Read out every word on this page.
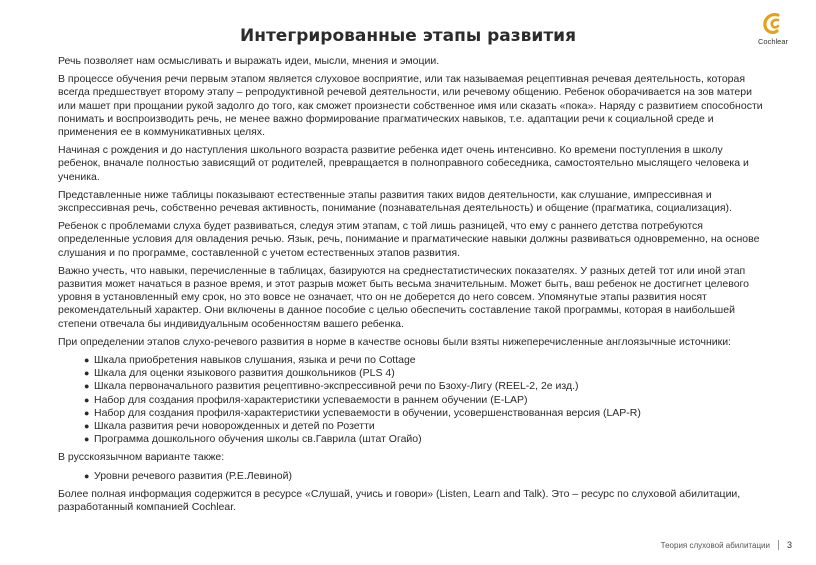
Интегрированные этапы развития	Cochlear

Речь позволяет нам осмысливать и выражать идеи, мысли, мнения и эмоции.

В процессе обучения речи первым этапом является слуховое восприятие, или так называемая рецептивная речевая деятельность, которая всегда предшествует второму этапу – репродуктивной речевой деятельности, или речевому общению. Ребенок оборачивается на зов матери или машет при прощании рукой задолго до того, как сможет произнести собственное имя или сказать «пока». Наряду с развитием способности понимать и воспроизводить речь, не менее важно формирование прагматических навыков, т.е. адаптации речи к социальной среде и применения ее в коммуникативных целях.

Начиная с рождения и до наступления школьного возраста развитие ребенка идет очень интенсивно. Ко времени поступления в школу ребенок, вначале полностью зависящий от родителей, превращается в полноправного собеседника, самостоятельно мыслящего человека и ученика.

Представленные ниже таблицы показывают естественные этапы развития таких видов деятельности, как слушание, импрессивная и экспрессивная речь, собственно речевая активность, понимание (познавательная деятельность) и общение (прагматика, социализация).

Ребенок с проблемами слуха будет развиваться, следуя этим этапам, с той лишь разницей, что ему с раннего детства потребуются определенные условия для овладения речью. Язык, речь, понимание и прагматические навыки должны развиваться одновременно, на основе слушания и по программе, составленной с учетом естественных этапов развития.

Важно учесть, что навыки, перечисленные в таблицах, базируются на среднестатистических показателях. У разных детей тот или иной этап развития может начаться в разное время, и этот разрыв может быть весьма значительным. Может быть, ваш ребенок не достигнет целевого уровня в установленный ему срок, но это вовсе не означает, что он не доберется до него совсем. Упомянутые этапы развития носят рекомендательный характер. Они включены в данное пособие с целью обеспечить составление такой программы, которая в наибольшей степени отвечала бы индивидуальным особенностям вашего ребенка.

При определении этапов слухо-речевого развития в норме в качестве основы были взяты нижеперечисленные англоязычные источники:

● Шкала приобретения навыков слушания, языка и речи по Cottage
● Шкала для оценки языкового развития дошкольников (PLS 4)
● Шкала первоначального развития рецептивно-экспрессивной речи по Бзоху-Лигу (REEL-2, 2е изд.)
● Набор для создания профиля-характеристики успеваемости в раннем обучении (E-LAP)
● Набор для создания профиля-характеристики успеваемости в обучении, усовершенствованная версия (LAP-R)
● Шкала развития речи новорожденных и детей по Розетти
● Программа дошкольного обучения школы св.Гаврила (штат Огайо)

В русскоязычном варианте также:

● Уровни речевого развития (Р.Е.Левиной)

Более полная информация содержится в ресурсе «Слушай, учись и говори» (Listen, Learn and Talk). Это – ресурс по слуховой абилитации, разработанный компанией Cochlear.

Теория слуховой абилитации 3
